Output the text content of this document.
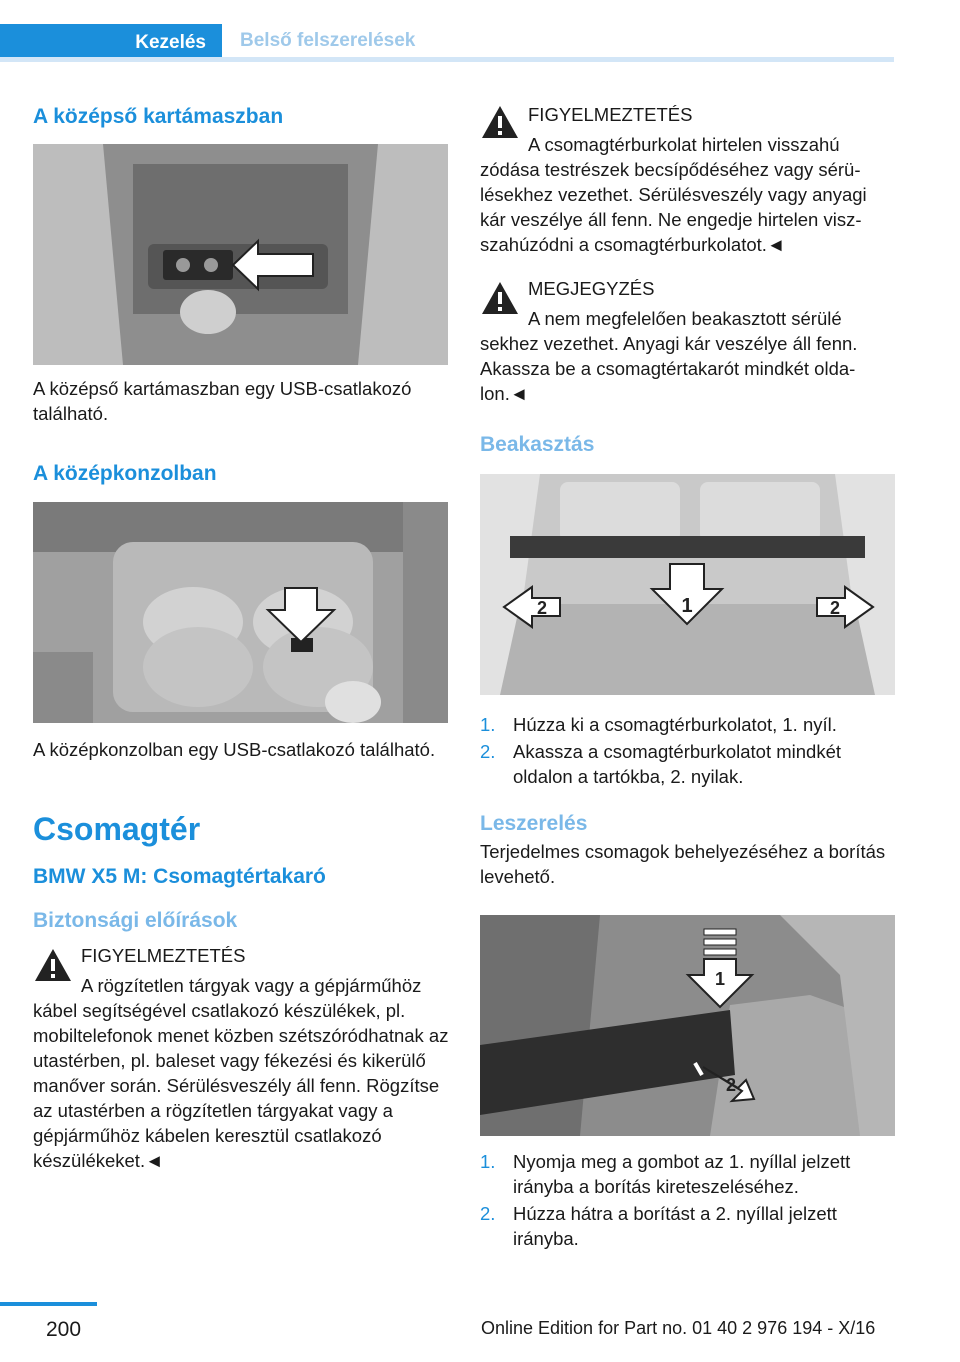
Kezelés	Belső felszerelések
A középső kartámaszban

A középső kartámaszban egy USB-csatlakozó található.

A középkonzolban

A középkonzolban egy USB-csatlakozó található.

Csomagtér
BMW X5 M: Csomagtértakaró
Biztonsági előírások
FIGYELMEZTETÉS
A rögzítetlen tárgyak vagy a gépjárműhöz
kábel segítségével csatlakozó készülékek, pl. mobiltelefonok menet közben szétszóródhatnak az utastérben, pl. baleset vagy fékezési és kikerülő manőver során. Sérülésveszély áll fenn. Rögzítse az utastérben a rögzítetlen tárgyakat vagy a gépjárműhöz kábelen keresztül csatlakozó készülékeket.◄
FIGYELMEZTETÉS
A csomagtérburkolat hirtelen visszahú
zódása testrészek becsípődéséhez vagy sérülésekhez vezethet. Sérülésveszély vagy anyagi kár veszélye áll fenn. Ne engedje hirtelen viszszahúzódni a csomagtérburkolatot.◄
MEGJEGYZÉS
A nem megfelelően beakasztott sérülé
sekhez vezethet. Anyagi kár veszélye áll fenn. Akassza be a csomagtértakarót mindkét oldalon.◄
Beakasztás
1
2	2
1. Húzza ki a csomagtérburkolatot, 1. nyíl.
2. Akassza a csomagtérburkolatot mindkét oldalon a tartókba, 2. nyilak.
Leszerelés

Terjedelmes csomagok behelyezéséhez a borítás levehető.

1
2
1. Nyomja meg a gombot az 1. nyíllal jelzett irányba a borítás kireteszeléséhez.
2. Húzza hátra a borítást a 2. nyíllal jelzett irányba.
200	Online Edition for Part no. 01 40 2 976 194 - X/16
